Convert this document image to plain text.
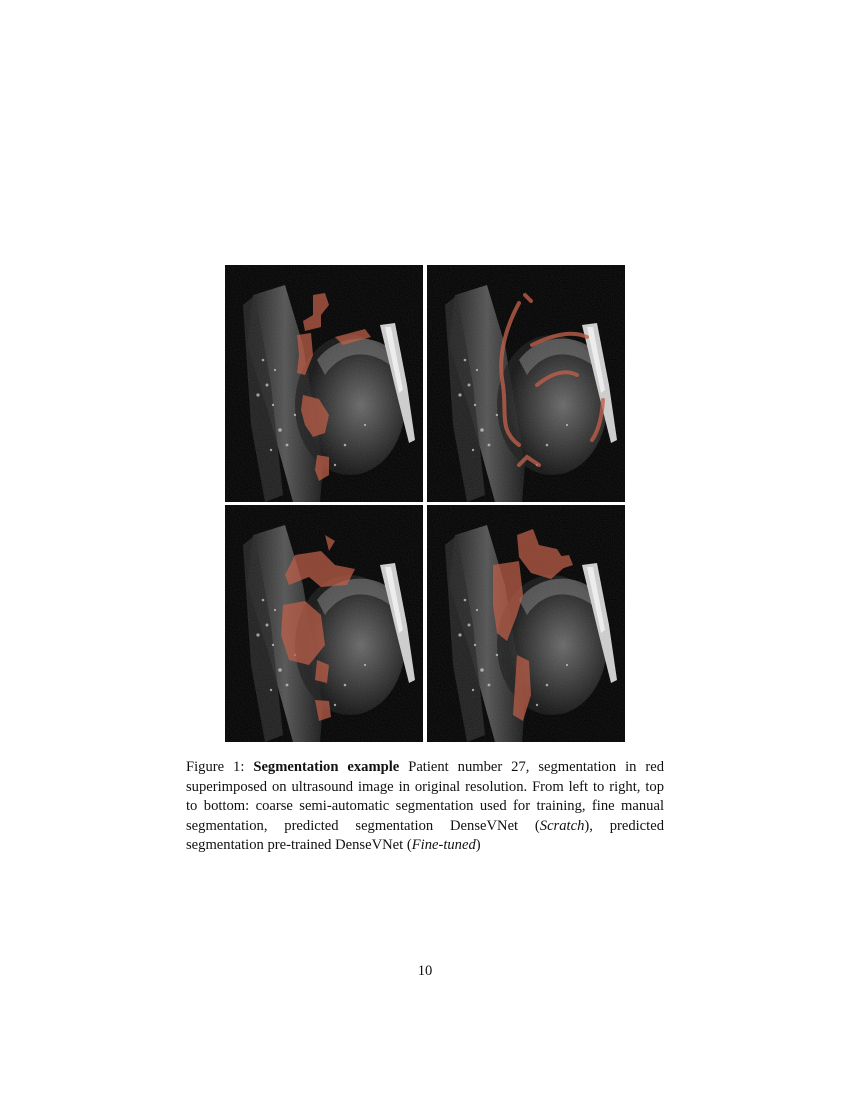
Figure 1: Segmentation example Patient number 27, segmentation in red superimposed on ultrasound image in original resolution. From left to right, top to bottom: coarse semi-automatic segmentation used for training, fine manual segmentation, predicted segmentation DenseVNet (Scratch), predicted segmentation pre-trained DenseVNet (Fine-tuned)
10
